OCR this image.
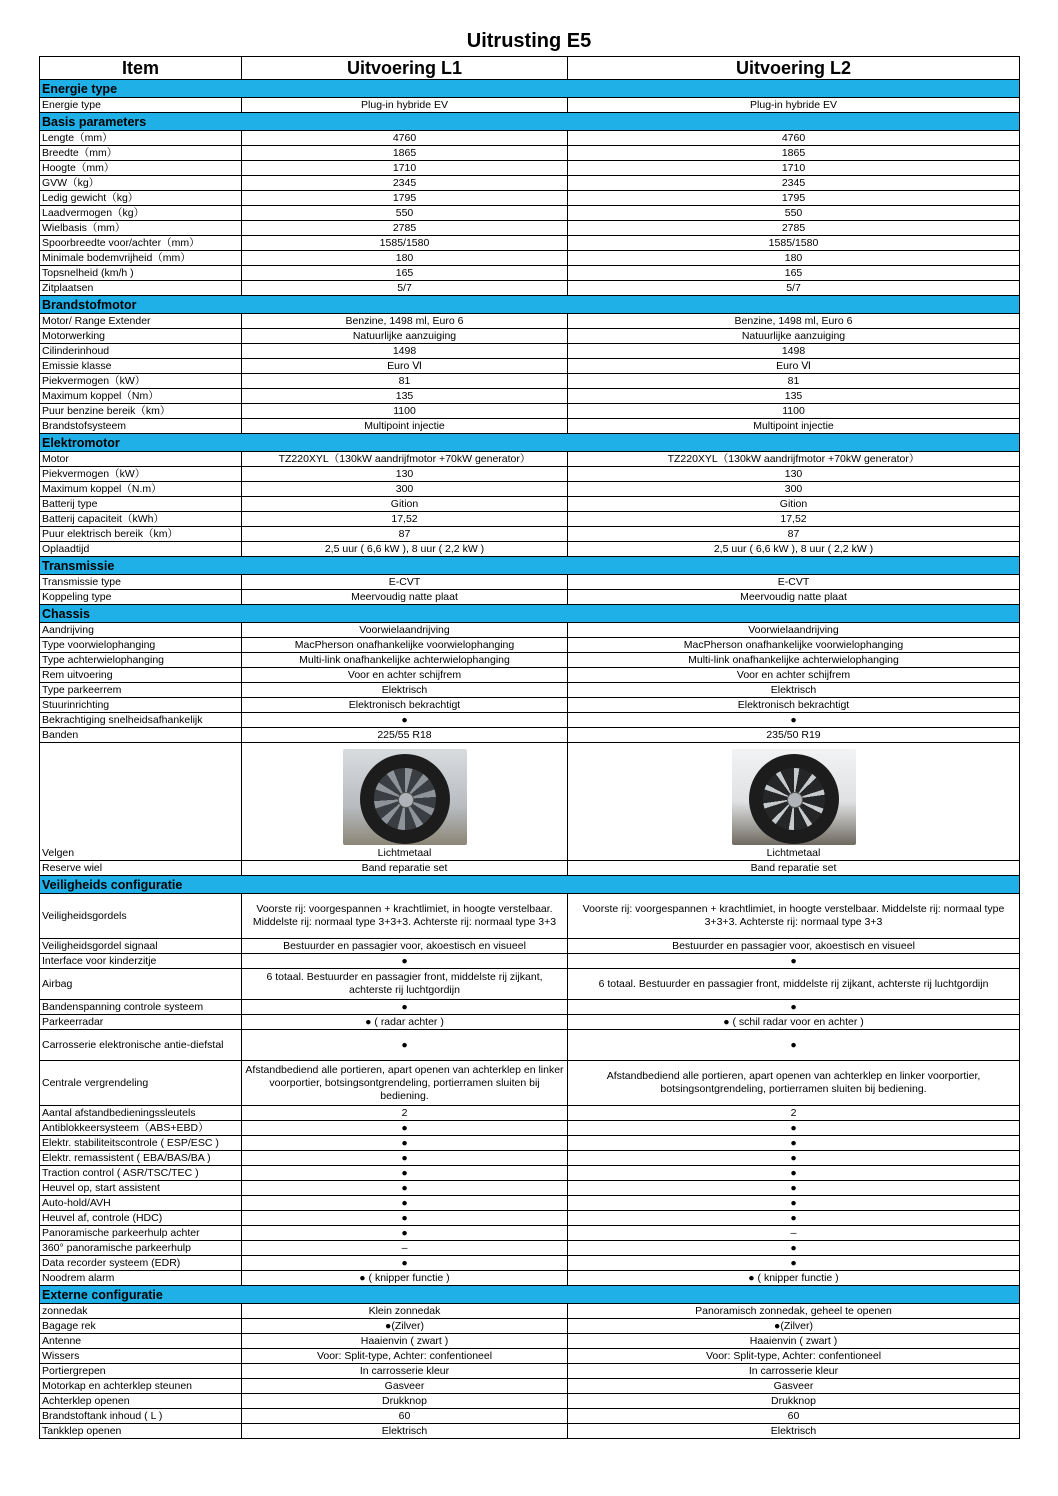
Uitrusting E5
Item	Uitvoering L1	Uitvoering L2
Energie type		
Energie type	Plug-in hybride EV	Plug-in hybride EV
Basis parameters		
Lengte（mm）	4760	4760
Breedte（mm）	1865	1865
Hoogte（mm）	1710	1710
GVW（kg）	2345	2345
Ledig gewicht（kg）	1795	1795
Laadvermogen（kg）	550	550
Wielbasis（mm）	2785	2785
Spoorbreedte voor/achter（mm）	1585/1580	1585/1580
Minimale bodemvrijheid（mm）	180	180
Topsnelheid (km/h )	165	165
Zitplaatsen	5/7	5/7
Brandstofmotor		
Motor/ Range Extender	Benzine, 1498 ml, Euro 6	Benzine, 1498 ml, Euro 6
Motorwerking	Natuurlijke aanzuiging	Natuurlijke aanzuiging
Cilinderinhoud	1498	1498
Emissie klasse	Euro Ⅵ	Euro Ⅵ
Piekvermogen（kW）	81	81
Maximum koppel（Nm）	135	135
Puur benzine bereik（km）	1100	1100
Brandstofsysteem	Multipoint injectie	Multipoint injectie
Elektromotor		
Motor	TZ220XYL（130kW aandrijfmotor +70kW generator）	TZ220XYL（130kW aandrijfmotor +70kW generator）
Piekvermogen（kW）	130	130
Maximum koppel（N.m）	300	300
Batterij type	Gition	Gition
Batterij capaciteit（kWh）	17,52	17,52
Puur elektrisch bereik（km）	87	87
Oplaadtijd	2,5 uur ( 6,6 kW ), 8 uur ( 2,2 kW )	2,5 uur ( 6,6 kW ), 8 uur ( 2,2 kW )
Transmissie		
Transmissie type	E-CVT	E-CVT
Koppeling type	Meervoudig natte plaat	Meervoudig natte plaat
Chassis		
Aandrijving	Voorwielaandrijving	Voorwielaandrijving
Type voorwielophanging	MacPherson onafhankelijke voorwielophanging	MacPherson onafhankelijke voorwielophanging
Type achterwielophanging	Multi-link onafhankelijke achterwielophanging	Multi-link onafhankelijke achterwielophanging
Rem uitvoering	Voor en achter schijfrem	Voor en achter schijfrem
Type parkeerrem	Elektrisch	Elektrisch
Stuurinrichting	Elektronisch bekrachtigt	Elektronisch bekrachtigt
Bekrachtiging snelheidsafhankelijk	●	●
Banden	225/55 R18	235/50 R19
Velgen	Lichtmetaal	Lichtmetaal

Reserve wiel	Band reparatie set	Band reparatie set
Veiligheids configuratie		
Veiligheidsgordels	Voorste rij: voorgespannen + krachtlimiet, in hoogte verstelbaar. Middelste rij: normaal type 3+3+3. Achterste rij: normaal type 3+3	Voorste rij: voorgespannen + krachtlimiet, in hoogte verstelbaar. Middelste rij: normaal type 3+3+3. Achterste rij: normaal type 3+3
Veiligheidsgordel signaal	Bestuurder en passagier voor, akoestisch en visueel	Bestuurder en passagier voor, akoestisch en visueel
Interface voor kinderzitje	●	●
Airbag	6 totaal. Bestuurder en passagier front, middelste rij zijkant, achterste rij luchtgordijn	6 totaal. Bestuurder en passagier front, middelste rij zijkant, achterste rij luchtgordijn
Bandenspanning controle systeem	●	●
Parkeerradar	● ( radar achter )	● ( schil radar voor en achter )
Carrosserie elektronische antie-diefstal	●	●
Centrale vergrendeling	Afstandbediend alle portieren, apart openen van achterklep en linker voorportier, botsingsontgrendeling, portierramen sluiten bij bediening.	Afstandbediend alle portieren, apart openen van achterklep en linker voorportier, botsingsontgrendeling, portierramen sluiten bij bediening.
Aantal afstandbedieningssleutels	2	2
Antiblokkeersysteem（ABS+EBD）	●	●
Elektr. stabiliteitscontrole ( ESP/ESC )	●	●
Elektr. remassistent ( EBA/BAS/BA )	●	●
Traction control ( ASR/TSC/TEC )	●	●
Heuvel op, start assistent	●	●
Auto-hold/AVH	●	●
Heuvel af, controle (HDC)	●	●
Panoramische parkeerhulp achter	●	–
360° panoramische parkeerhulp	–	●
Data recorder systeem (EDR)	●	●
Noodrem alarm	● ( knipper functie )	● ( knipper functie )
Externe configuratie		
zonnedak	Klein zonnedak	Panoramisch zonnedak, geheel te openen
Bagage rek	●(Zilver)	●(Zilver)
Antenne	Haaienvin ( zwart )	Haaienvin ( zwart )
Wissers	Voor: Split-type, Achter: confentioneel	Voor: Split-type, Achter: confentioneel
Portiergrepen	In carrosserie kleur	In carrosserie kleur
Motorkap en achterklep steunen	Gasveer	Gasveer
Achterklep openen	Drukknop	Drukknop
Brandstoftank inhoud ( L )	60	60
Tankklep openen	Elektrisch	Elektrisch
